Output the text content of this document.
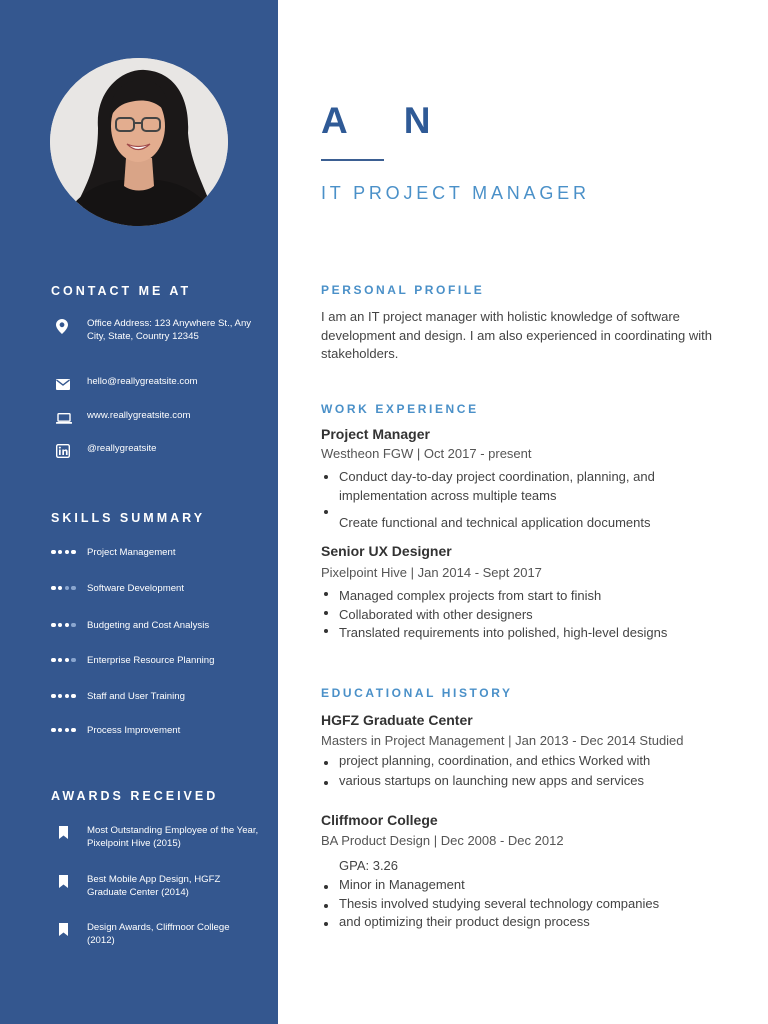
CONTACT ME AT
Office Address: 123 Anywhere St., Any City, State, Country 12345
hello@reallygreatsite.com
www.reallygreatsite.com
@reallygreatsite
SKILLS SUMMARY
Project Management
Software Development
Budgeting and Cost Analysis
Enterprise Resource Planning
Staff and User Training
Process Improvement
AWARDS RECEIVED
Most Outstanding Employee of the Year, Pixelpoint Hive (2015)
Best Mobile App Design, HGFZ Graduate Center (2014)
Design Awards, Cliffmoor College (2012)
A     N
IT PROJECT MANAGER
PERSONAL PROFILE
I am an IT project manager with holistic knowledge of software development and design. I am also experienced in coordinating with stakeholders.
WORK EXPERIENCE
Project Manager
Westheon FGW | Oct 2017 - present
Conduct day-to-day project coordination, planning, and implementation across multiple teams
Create functional and technical application documents
Senior UX Designer
Pixelpoint Hive | Jan 2014 - Sept 2017
Managed complex projects from start to finish
Collaborated with other designers
Translated requirements into polished, high-level designs
EDUCATIONAL HISTORY
HGFZ Graduate Center
Masters in Project Management | Jan 2013 - Dec 2014 Studied
project planning, coordination, and ethics Worked with
various startups on launching new apps and services
Cliffmoor College
BA Product Design | Dec 2008 - Dec 2012
GPA: 3.26
Minor in Management
Thesis involved studying several technology companies
and optimizing their product design process
